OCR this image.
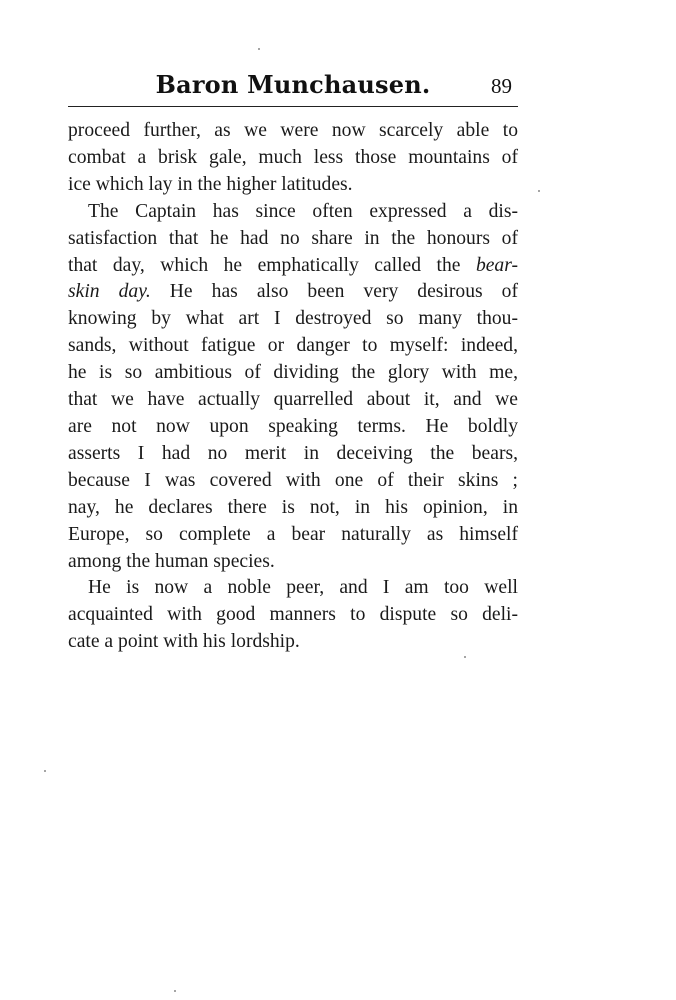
Baron Munchausen.	89

proceed further, as we were now scarcely able to
combat a brisk gale, much less those mountains of
ice which lay in the higher latitudes.

The Captain has since often expressed a dis-
satisfaction that he had no share in the honours of
that day, which he emphatically called the bear-
skin day. He has also been very desirous of
knowing by what art I destroyed so many thou-
sands, without fatigue or danger to myself: indeed,
he is so ambitious of dividing the glory with me,
that we have actually quarrelled about it, and we
are not now upon speaking terms. He boldly
asserts I had no merit in deceiving the bears,
because I was covered with one of their skins ;
nay, he declares there is not, in his opinion, in
Europe, so complete a bear naturally as himself
among the human species.

He is now a noble peer, and I am too well
acquainted with good manners to dispute so deli-
cate a point with his lordship.
